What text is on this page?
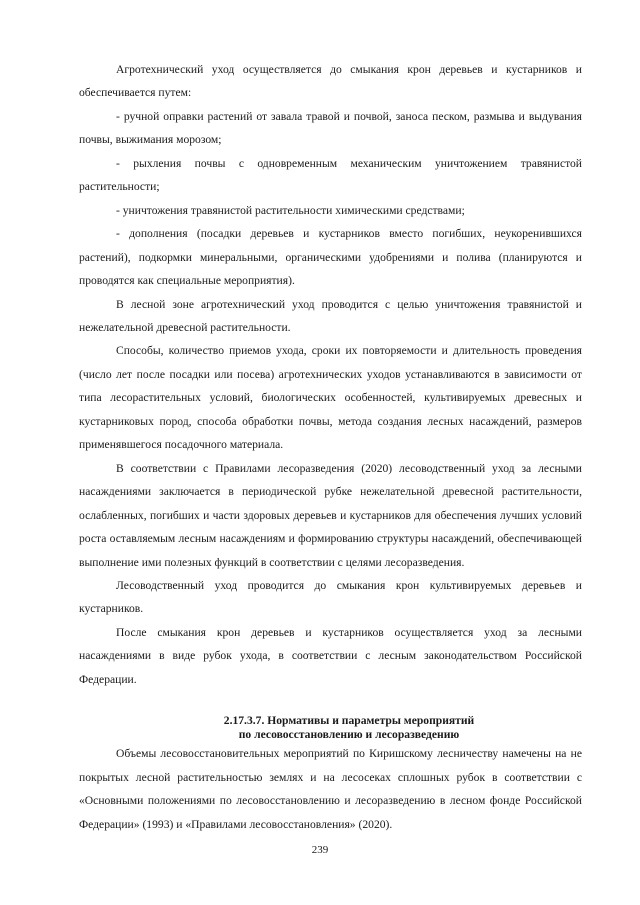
Агротехнический уход осуществляется до смыкания крон деревьев и кустарников и обеспечивается путем:

- ручной оправки растений от завала травой и почвой, заноса песком, размыва и выдувания почвы, выжимания морозом;

- рыхления почвы с одновременным механическим уничтожением травянистой растительности;

- уничтожения травянистой растительности химическими средствами;

- дополнения (посадки деревьев и кустарников вместо погибших, неукоренившихся растений), подкормки минеральными, органическими удобрениями и полива (планируются и проводятся как специальные мероприятия).

В лесной зоне агротехнический уход проводится с целью уничтожения травянистой и нежелательной древесной растительности.

Способы, количество приемов ухода, сроки их повторяемости и длительность проведения (число лет после посадки или посева) агротехнических уходов устанавливаются в зависимости от типа лесорастительных условий, биологических особенностей, культивируемых древесных и кустарниковых пород, способа обработки почвы, метода создания лесных насаждений, размеров применявшегося посадочного материала.

В соответствии с Правилами лесоразведения (2020) лесоводственный уход за лесными насаждениями заключается в периодической рубке нежелательной древесной растительности, ослабленных, погибших и части здоровых деревьев и кустарников для обеспечения лучших условий роста оставляемым лесным насаждениям и формированию структуры насаждений, обеспечивающей выполнение ими полезных функций в соответствии с целями лесоразведения.

Лесоводственный уход проводится до смыкания крон культивируемых деревьев и кустарников.

После смыкания крон деревьев и кустарников осуществляется уход за лесными насаждениями в виде рубок ухода, в соответствии с лесным законодательством Российской Федерации.

2.17.3.7. Нормативы и параметры мероприятий

по лесовосстановлению и лесоразведению

Объемы лесовосстановительных мероприятий по Киришскому лесничеству намечены на не покрытых лесной растительностью землях и на лесосеках сплошных рубок в соответствии с «Основными положениями по лесовосстановлению и лесоразведению в лесном фонде Российской Федерации» (1993) и «Правилами лесовосстановления» (2020).

239
